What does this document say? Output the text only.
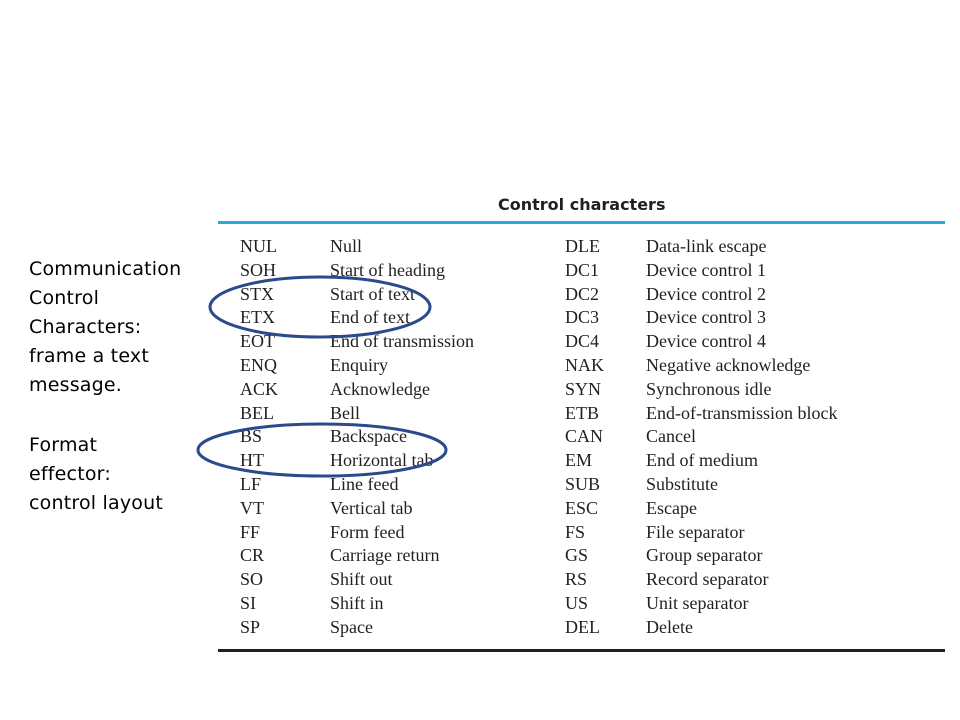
Communication
Control
Characters:
frame a text
message.
Format
effector:
control layout
Control characters
NUL	Null	DLE	Data-link escape
SOH	Start of heading	DC1	Device control 1
STX	Start of text	DC2	Device control 2
ETX	End of text	DC3	Device control 3
EOT	End of transmission	DC4	Device control 4
ENQ	Enquiry	NAK Negative acknowledge
ACK	Acknowledge	SYN Synchronous idle
BEL	Bell	ETB	End-of-transmission block
BS	Backspace	CAN Cancel
HT	Horizontal tab	EM	End of medium
LF	Line feed	SUB	Substitute
VT	Vertical tab	ESC	Escape
FF	Form feed	FS	File separator
CR	Carriage return	GS	Group separator
SO	Shift out	RS	Record separator
SI	Shift in	US	Unit separator
SP	Space	DEL	Delete
